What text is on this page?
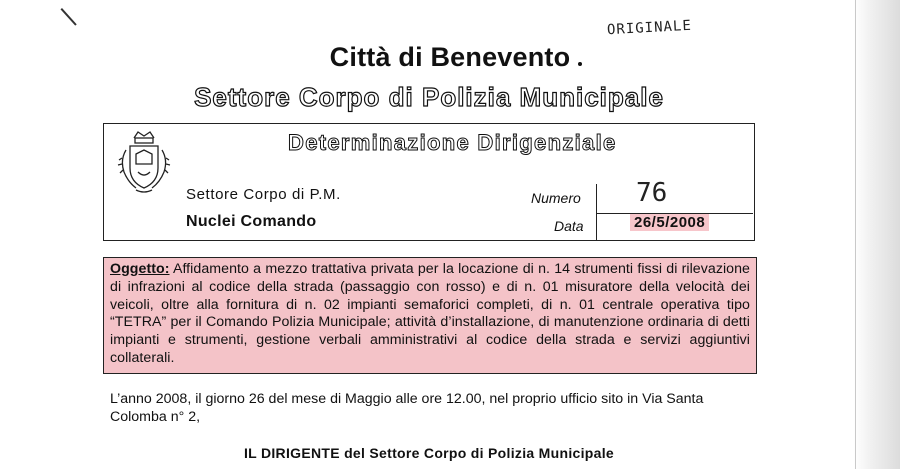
ORIGINALE
Città di Benevento
Settore Corpo di Polizia Municipale
Determinazione Dirigenziale
Settore Corpo di P.M.
Nuclei Comando
Numero 76
Data	26/5/2008
Oggetto: Affidamento a mezzo trattativa privata per la locazione di n. 14 strumenti fissi di rilevazione di infrazioni al codice della strada (passaggio con rosso) e di n. 01 misuratore della velocità dei veicoli, oltre alla fornitura di n. 02 impianti semaforici completi, di n. 01 centrale operativa tipo “TETRA” per il Comando Polizia Municipale; attività d’installazione, di manutenzione ordinaria di detti impianti e strumenti, gestione verbali amministrativi al codice della strada e servizi aggiuntivi collaterali.
L’anno 2008, il giorno 26 del mese di Maggio alle ore 12.00, nel proprio ufficio sito in Via Santa Colomba n° 2,
IL DIRIGENTE del Settore Corpo di Polizia Municipale
